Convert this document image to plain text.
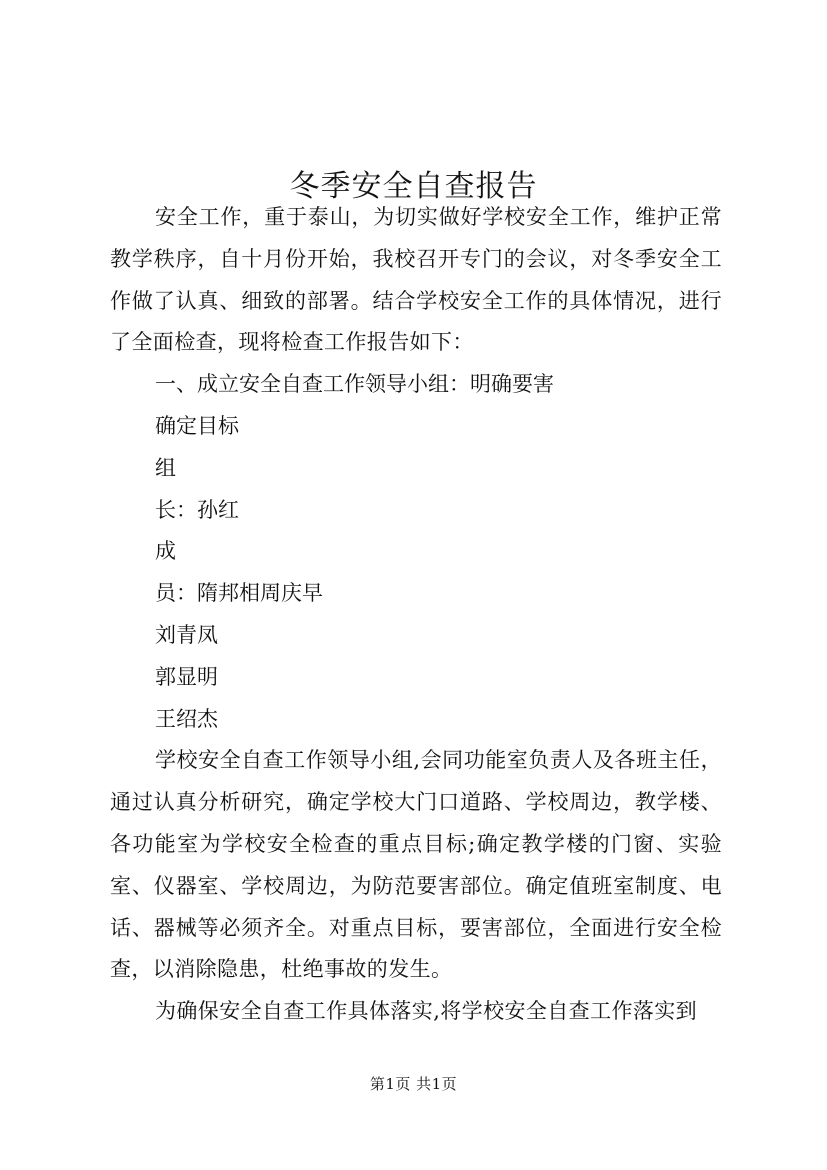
冬季安全自查报告

安全工作，重于泰山，为切实做好学校安全工作，维护正常教学秩序，自十月份开始，我校召开专门的会议，对冬季安全工作做了认真、细致的部署。结合学校安全工作的具体情况，进行了全面检查，现将检查工作报告如下：

一、成立安全自查工作领导小组：明确要害

确定目标

组

长：孙红

成

员：隋邦相周庆早

刘青凤

郭显明

王绍杰

学校安全自查工作领导小组,会同功能室负责人及各班主任，通过认真分析研究，确定学校大门口道路、学校周边，教学楼、各功能室为学校安全检查的重点目标;确定教学楼的门窗、实验室、仪器室、学校周边，为防范要害部位。确定值班室制度、电话、器械等必须齐全。对重点目标，要害部位，全面进行安全检查，以消除隐患，杜绝事故的发生。

为确保安全自查工作具体落实,将学校安全自查工作落实到

第1页 共1页
